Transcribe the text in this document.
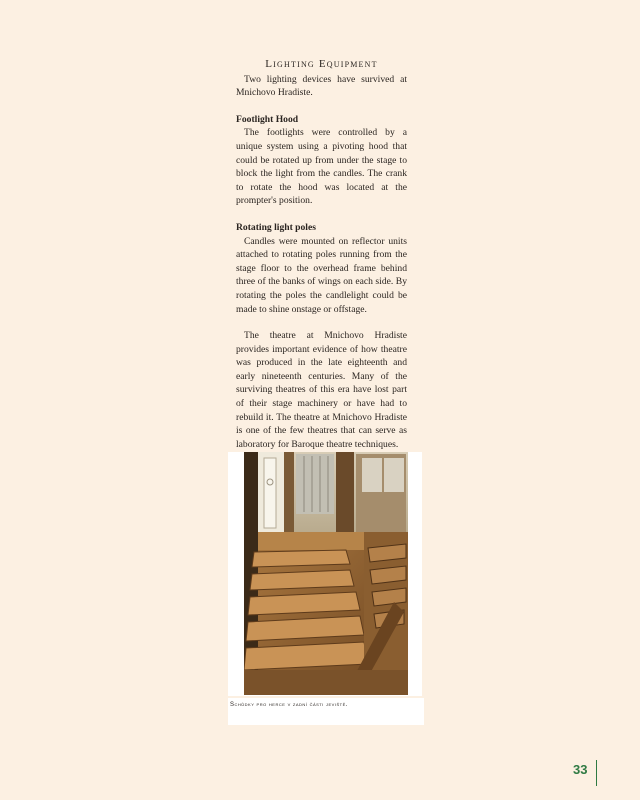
Lighting Equipment

Two lighting devices have survived at Mnichovo Hradiste.

Footlight Hood

The footlights were controlled by a unique system using a pivoting hood that could be rotated up from under the stage to block the light from the candles. The crank to rotate the hood was located at the prompter's position.

Rotating light poles

Candles were mounted on reflector units attached to rotating poles running from the stage floor to the overhead frame behind three of the banks of wings on each side. By rotating the poles the candlelight could be made to shine onstage or offstage.

The theatre at Mnichovo Hradiste provides important evidence of how theatre was produced in the late eighteenth and early nineteenth centuries. Many of the surviving theatres of this era have lost part of their stage machinery or have had to rebuild it. The theatre at Mnichovo Hradiste is one of the few theatres that can serve as laboratory for Baroque theatre techniques.

Schůdky pro herce v zadní části jeviště.
33
